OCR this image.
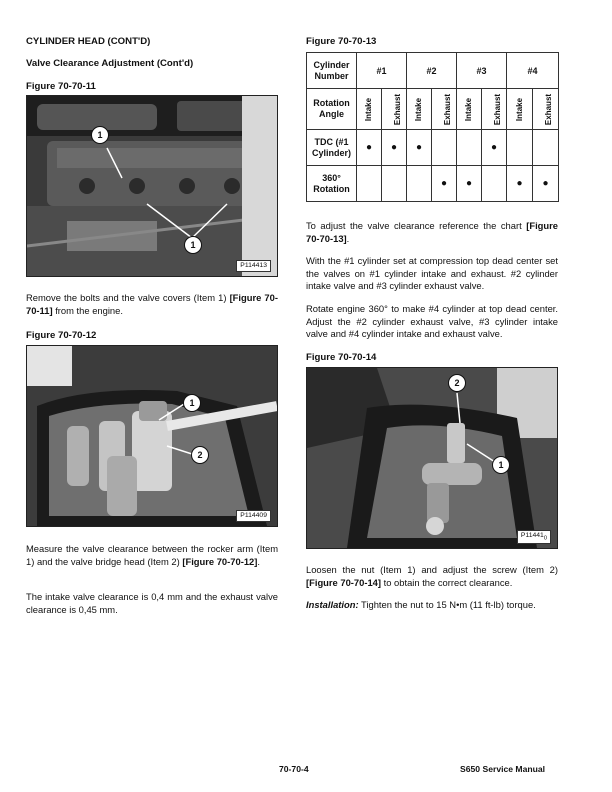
CYLINDER HEAD (CONT'D)
Valve Clearance Adjustment (Cont'd)
Figure 70-70-11
1
1
P114413
Remove the bolts and the valve covers (Item 1) [Figure 70-70-11] from the engine.
Figure 70-70-12
1
2
P114409
Measure the valve clearance between the rocker arm (Item 1) and the valve bridge head (Item 2) [Figure 70-70-12].
The intake valve clearance is 0,4 mm and the exhaust valve clearance is 0,45 mm.
Figure 70-70-13
Cylinder Number	#1		#2		#3		#4	
Rotation Angle	Intake	Exhaust	Intake	Exhaust	Intake	Exhaust	Intake	Exhaust
TDC (#1 Cylinder)	●	●	●			●		
360° Rotation				●	●		●	●
To adjust the valve clearance reference the chart [Figure 70-70-13].
With the #1 cylinder set at compression top dead center set the valves on #1 cylinder intake and exhaust. #2 cylinder intake valve and #3 cylinder exhaust valve.
Rotate engine 360° to make #4 cylinder at top dead center. Adjust the #2 cylinder exhaust valve, #3 cylinder intake valve and #4 cylinder intake and exhaust valve.
Figure 70-70-14
2
1
$P11441_0$
Loosen the nut (Item 1) and adjust the screw (Item 2) [Figure 70-70-14] to obtain the correct clearance.
Installation: Tighten the nut to 15 N•m (11 ft-lb) torque.
70-70-4	S650 Service Manual
